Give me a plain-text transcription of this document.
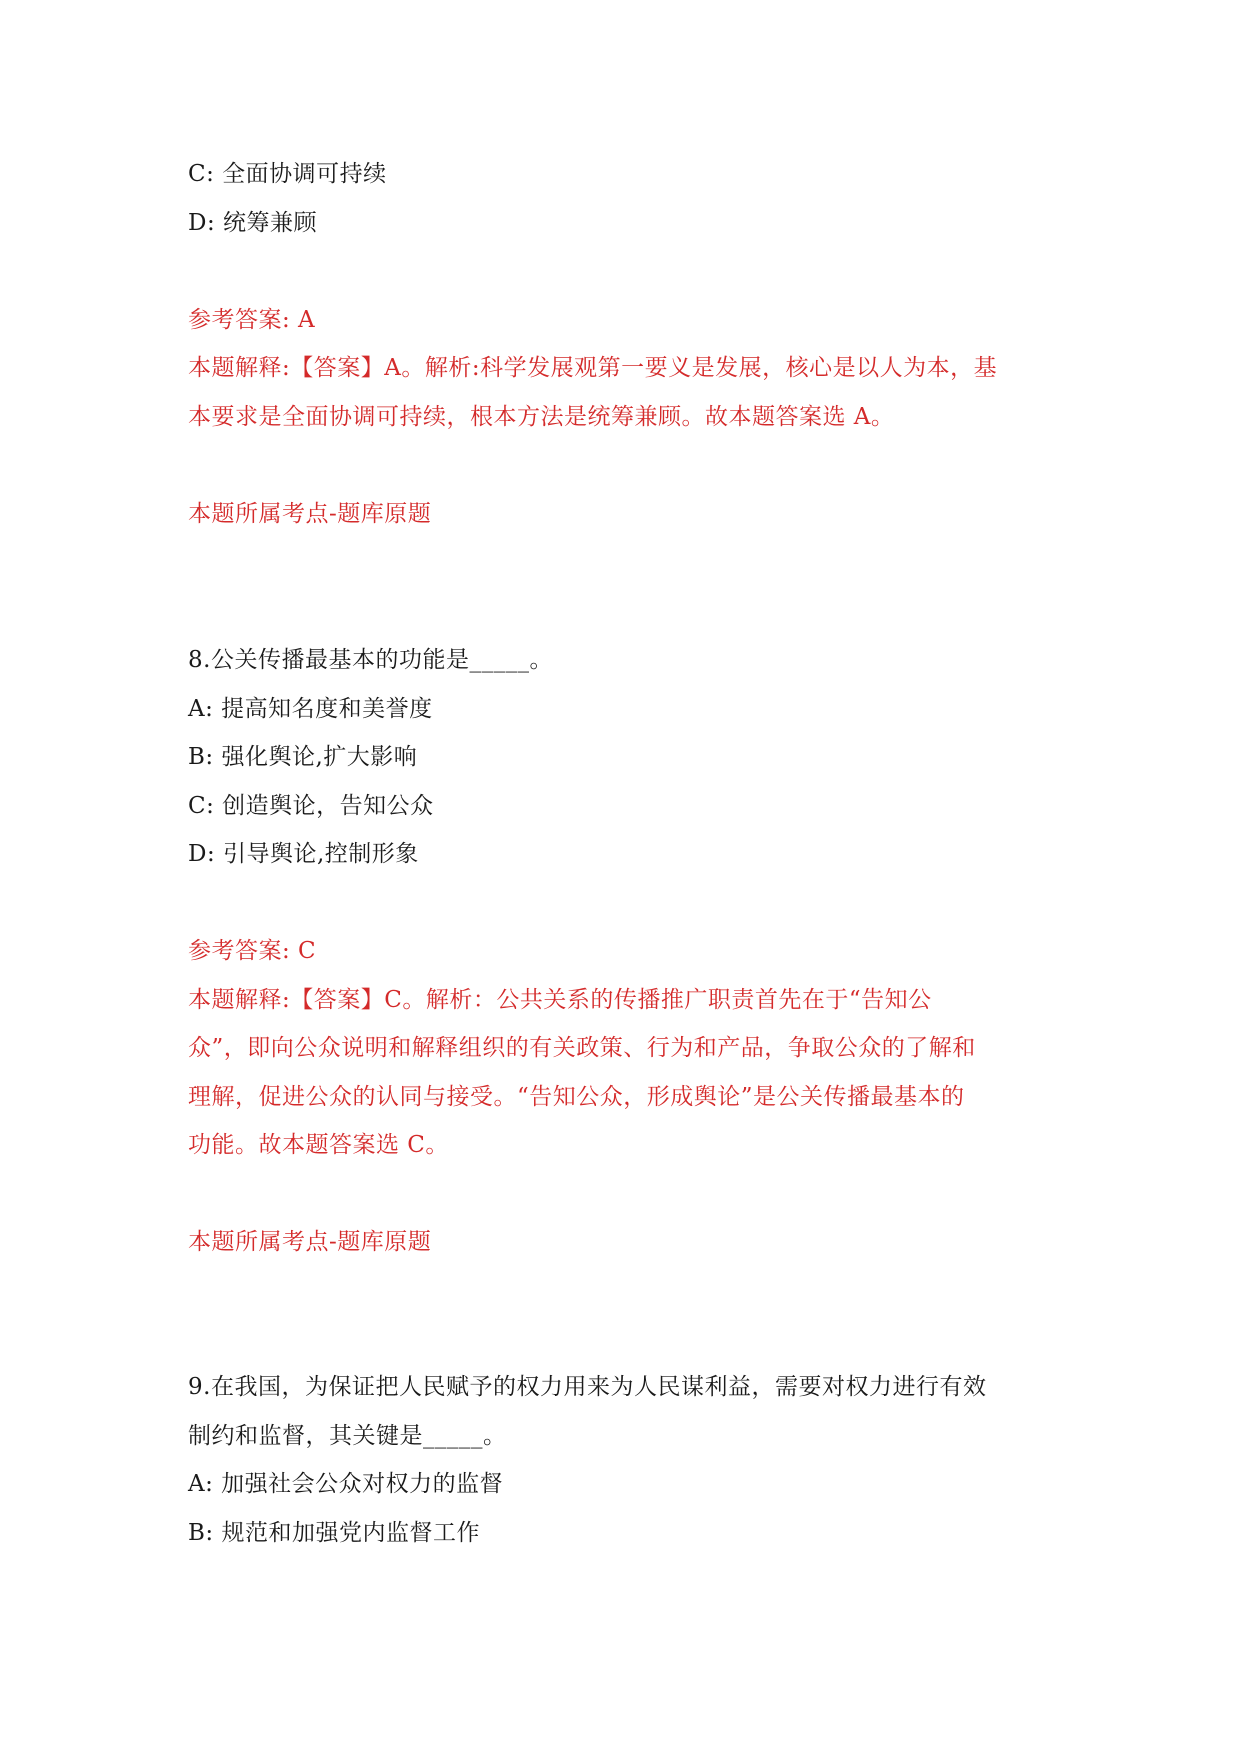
C: 全面协调可持续
D: 统筹兼顾
参考答案: A
本题解释:【答案】A。解析:科学发展观第一要义是发展，核心是以人为本，基
本要求是全面协调可持续，根本方法是统筹兼顾。故本题答案选 A。
本题所属考点-题库原题
8.公关传播最基本的功能是_____。
A: 提高知名度和美誉度
B: 强化舆论,扩大影响
C: 创造舆论，告知公众
D: 引导舆论,控制形象
参考答案: C
本题解释:【答案】C。解析：公共关系的传播推广职责首先在于“告知公
众”，即向公众说明和解释组织的有关政策、行为和产品，争取公众的了解和
理解，促进公众的认同与接受。“告知公众，形成舆论”是公关传播最基本的
功能。故本题答案选 C。
本题所属考点-题库原题
9.在我国，为保证把人民赋予的权力用来为人民谋利益，需要对权力进行有效
制约和监督，其关键是_____。
A: 加强社会公众对权力的监督
B: 规范和加强党内监督工作
